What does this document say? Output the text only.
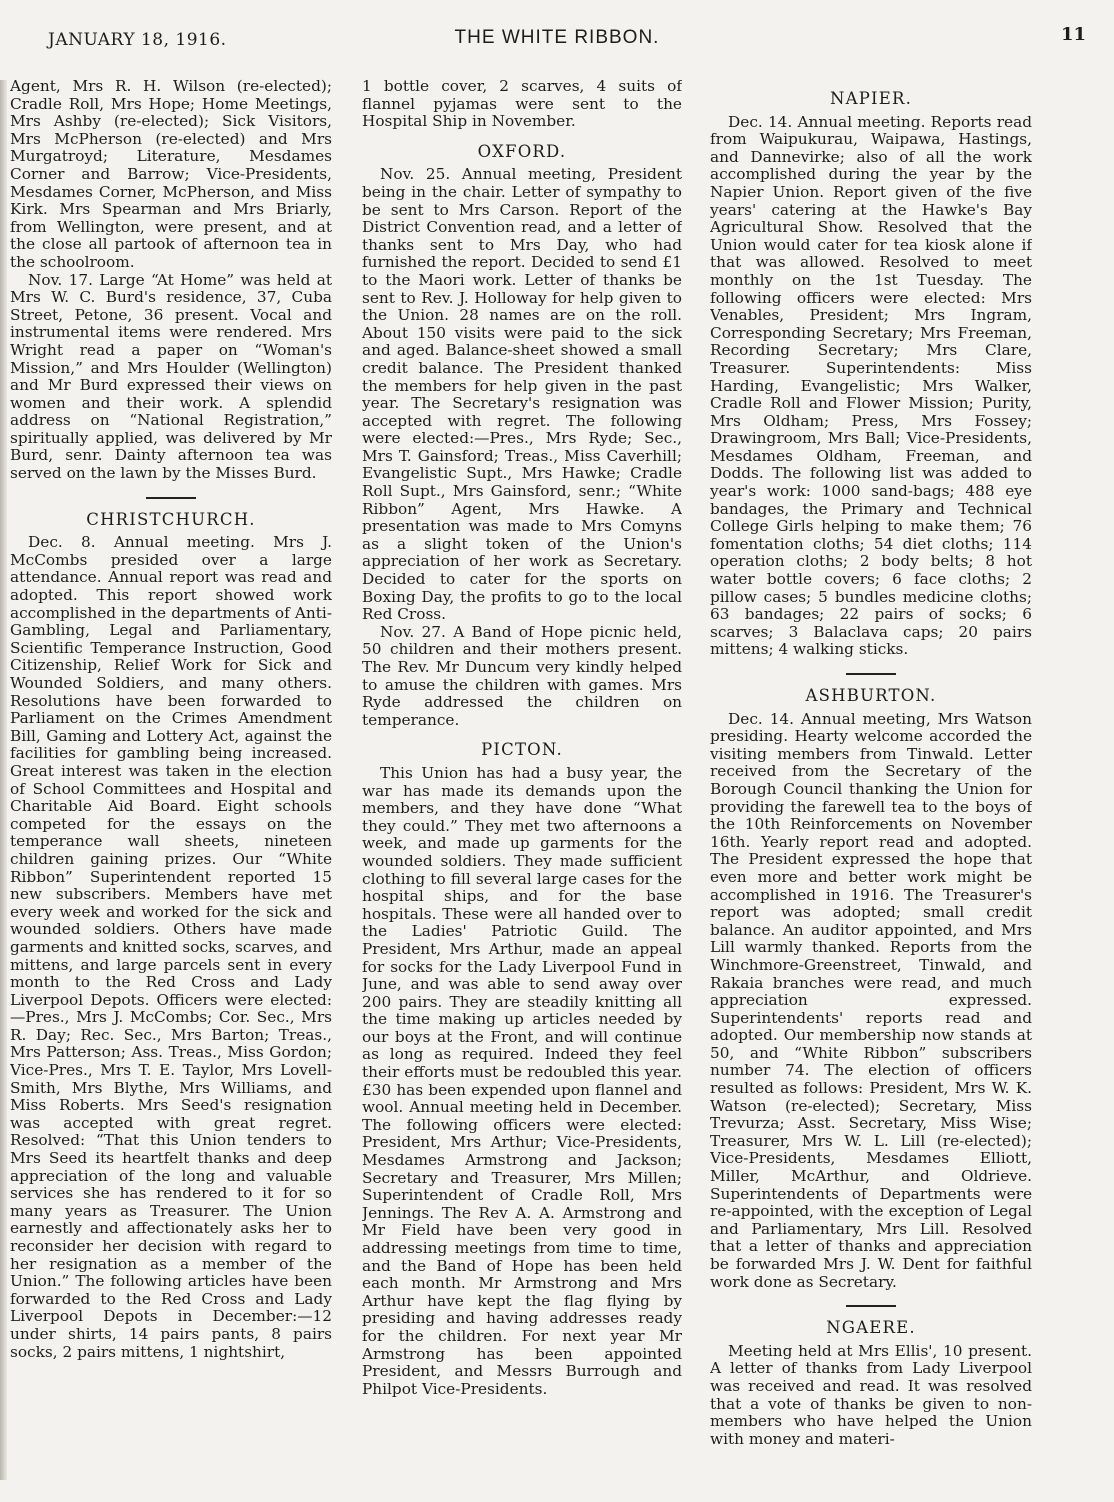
JANUARY 18, 1916.	THE WHITE RIBBON.	11

Agent, Mrs R. H. Wilson (re-elected); Cradle Roll, Mrs Hope; Home Meetings, Mrs Ashby (re-elected); Sick Visitors, Mrs McPherson (re-elected) and Mrs Murgatroyd; Literature, Mesdames Corner and Barrow; Vice-Presidents, Mesdames Corner, McPherson, and Miss Kirk. Mrs Spearman and Mrs Briarly, from Wellington, were present, and at the close all partook of afternoon tea in the schoolroom.

Nov. 17. Large “At Home” was held at Mrs W. C. Burd's residence, 37, Cuba Street, Petone, 36 present. Vocal and instrumental items were rendered. Mrs Wright read a paper on “Woman's Mission,” and Mrs Houlder (Wellington) and Mr Burd expressed their views on women and their work. A splendid address on “National Registration,” spiritually applied, was delivered by Mr Burd, senr. Dainty afternoon tea was served on the lawn by the Misses Burd.

CHRISTCHURCH.

Dec. 8. Annual meeting. Mrs J. McCombs presided over a large attendance. Annual report was read and adopted. This report showed work accomplished in the departments of Anti-Gambling, Legal and Parliamentary, Scientific Temperance Instruction, Good Citizenship, Relief Work for Sick and Wounded Soldiers, and many others. Resolutions have been forwarded to Parliament on the Crimes Amendment Bill, Gaming and Lottery Act, against the facilities for gambling being increased. Great interest was taken in the election of School Committees and Hospital and Charitable Aid Board. Eight schools competed for the essays on the temperance wall sheets, nineteen children gaining prizes. Our “White Ribbon” Superintendent reported 15 new subscribers. Members have met every week and worked for the sick and wounded soldiers. Others have made garments and knitted socks, scarves, and mittens, and large parcels sent in every month to the Red Cross and Lady Liverpool Depots. Officers were elected:—Pres., Mrs J. McCombs; Cor. Sec., Mrs R. Day; Rec. Sec., Mrs Barton; Treas., Mrs Patterson; Ass. Treas., Miss Gordon; Vice-Pres., Mrs T. E. Taylor, Mrs Lovell-Smith, Mrs Blythe, Mrs Williams, and Miss Roberts. Mrs Seed's resignation was accepted with great regret. Resolved: “That this Union tenders to Mrs Seed its heartfelt thanks and deep appreciation of the long and valuable services she has rendered to it for so many years as Treasurer. The Union earnestly and affectionately asks her to reconsider her decision with regard to her resignation as a member of the Union.” The following articles have been forwarded to the Red Cross and Lady Liverpool Depots in December:—12 under shirts, 14 pairs pants, 8 pairs socks, 2 pairs mittens, 1 nightshirt,

1 bottle cover, 2 scarves, 4 suits of flannel pyjamas were sent to the Hospital Ship in November.

OXFORD.

Nov. 25. Annual meeting, President being in the chair. Letter of sympathy to be sent to Mrs Carson. Report of the District Convention read, and a letter of thanks sent to Mrs Day, who had furnished the report. Decided to send £1 to the Maori work. Letter of thanks be sent to Rev. J. Holloway for help given to the Union. 28 names are on the roll. About 150 visits were paid to the sick and aged. Balance-sheet showed a small credit balance. The President thanked the members for help given in the past year. The Secretary's resignation was accepted with regret. The following were elected:—Pres., Mrs Ryde; Sec., Mrs T. Gainsford; Treas., Miss Caverhill; Evangelistic Supt., Mrs Hawke; Cradle Roll Supt., Mrs Gainsford, senr.; “White Ribbon” Agent, Mrs Hawke. A presentation was made to Mrs Comyns as a slight token of the Union's appreciation of her work as Secretary. Decided to cater for the sports on Boxing Day, the profits to go to the local Red Cross.

Nov. 27. A Band of Hope picnic held, 50 children and their mothers present. The Rev. Mr Duncum very kindly helped to amuse the children with games. Mrs Ryde addressed the children on temperance.

PICTON.

This Union has had a busy year, the war has made its demands upon the members, and they have done “What they could.” They met two afternoons a week, and made up garments for the wounded soldiers. They made sufficient clothing to fill several large cases for the hospital ships, and for the base hospitals. These were all handed over to the Ladies' Patriotic Guild. The President, Mrs Arthur, made an appeal for socks for the Lady Liverpool Fund in June, and was able to send away over 200 pairs. They are steadily knitting all the time making up articles needed by our boys at the Front, and will continue as long as required. Indeed they feel their efforts must be redoubled this year. £30 has been expended upon flannel and wool. Annual meeting held in December. The following officers were elected: President, Mrs Arthur; Vice-Presidents, Mesdames Armstrong and Jackson; Secretary and Treasurer, Mrs Millen; Superintendent of Cradle Roll, Mrs Jennings. The Rev A. A. Armstrong and Mr Field have been very good in addressing meetings from time to time, and the Band of Hope has been held each month. Mr Armstrong and Mrs Arthur have kept the flag flying by presiding and having addresses ready for the children. For next year Mr Armstrong has been appointed President, and Messrs Burrough and Philpot Vice-Presidents.

NAPIER.

Dec. 14. Annual meeting. Reports read from Waipukurau, Waipawa, Hastings, and Dannevirke; also of all the work accomplished during the year by the Napier Union. Report given of the five years' catering at the Hawke's Bay Agricultural Show. Resolved that the Union would cater for tea kiosk alone if that was allowed. Resolved to meet monthly on the 1st Tuesday. The following officers were elected: Mrs Venables, President; Mrs Ingram, Corresponding Secretary; Mrs Freeman, Recording Secretary; Mrs Clare, Treasurer. Superintendents: Miss Harding, Evangelistic; Mrs Walker, Cradle Roll and Flower Mission; Purity, Mrs Oldham; Press, Mrs Fossey; Drawingroom, Mrs Ball; Vice-Presidents, Mesdames Oldham, Freeman, and Dodds. The following list was added to year's work: 1000 sand-bags; 488 eye bandages, the Primary and Technical College Girls helping to make them; 76 fomentation cloths; 54 diet cloths; 114 operation cloths; 2 body belts; 8 hot water bottle covers; 6 face cloths; 2 pillow cases; 5 bundles medicine cloths; 63 bandages; 22 pairs of socks; 6 scarves; 3 Balaclava caps; 20 pairs mittens; 4 walking sticks.

ASHBURTON.

Dec. 14. Annual meeting, Mrs Watson presiding. Hearty welcome accorded the visiting members from Tinwald. Letter received from the Secretary of the Borough Council thanking the Union for providing the farewell tea to the boys of the 10th Reinforcements on November 16th. Yearly report read and adopted. The President expressed the hope that even more and better work might be accomplished in 1916. The Treasurer's report was adopted; small credit balance. An auditor appointed, and Mrs Lill warmly thanked. Reports from the Winchmore-Greenstreet, Tinwald, and Rakaia branches were read, and much appreciation expressed. Superintendents' reports read and adopted. Our membership now stands at 50, and “White Ribbon” subscribers number 74. The election of officers resulted as follows: President, Mrs W. K. Watson (re-elected); Secretary, Miss Trevurza; Asst. Secretary, Miss Wise; Treasurer, Mrs W. L. Lill (re-elected); Vice-Presidents, Mesdames Elliott, Miller, McArthur, and Oldrieve. Superintendents of Departments were re-appointed, with the exception of Legal and Parliamentary, Mrs Lill. Resolved that a letter of thanks and appreciation be forwarded Mrs J. W. Dent for faithful work done as Secretary.

NGAERE.

Meeting held at Mrs Ellis', 10 present. A letter of thanks from Lady Liverpool was received and read. It was resolved that a vote of thanks be given to non-members who have helped the Union with money and materi-
